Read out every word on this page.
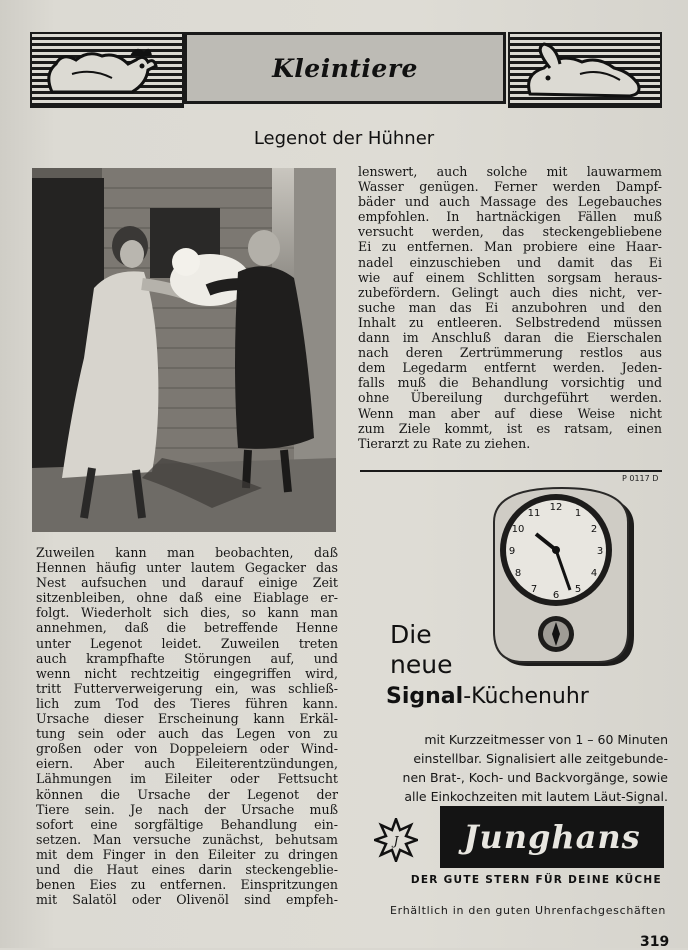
Kleintiere
Legenot der Hühner
Zuweilen kann man beobachten, daß
Hennen häufig unter lautem Gegacker das
Nest aufsuchen und darauf einige Zeit
sitzenbleiben, ohne daß eine Eiablage er-
folgt. Wiederholt sich dies, so kann man
annehmen, daß die betreffende Henne
unter Legenot leidet. Zuweilen treten
auch krampfhafte Störungen auf, und
wenn nicht rechtzeitig eingegriffen wird,
tritt Futterverweigerung ein, was schließ-
lich zum Tod des Tieres führen kann.
Ursache dieser Erscheinung kann Erkäl-
tung sein oder auch das Legen von zu
großen oder von Doppeleiern oder Wind-
eiern. Aber auch Eileiterentzündungen,
Lähmungen im Eileiter oder Fettsucht
können die Ursache der Legenot der
Tiere sein. Je nach der Ursache muß
sofort eine sorgfältige Behandlung ein-
setzen. Man versuche zunächst, behutsam
mit dem Finger in den Eileiter zu dringen
und die Haut eines darin steckengeblie-
benen Eies zu entfernen. Einspritzungen
mit Salatöl oder Olivenöl sind empfeh-
lenswert, auch solche mit lauwarmem
Wasser genügen. Ferner werden Dampf-
bäder und auch Massage des Legebauches
empfohlen. In hartnäckigen Fällen muß
versucht werden, das steckengebliebene
Ei zu entfernen. Man probiere eine Haar-
nadel einzuschieben und damit das Ei
wie auf einem Schlitten sorgsam heraus-
zubefördern. Gelingt auch dies nicht, ver-
suche man das Ei anzubohren und den
Inhalt zu entleeren. Selbstredend müssen
dann im Anschluß daran die Eierschalen
nach deren Zertrümmerung restlos aus
dem Legedarm entfernt werden. Jeden-
falls muß die Behandlung vorsichtig und
ohne Übereilung durchgeführt werden.
Wenn man aber auf diese Weise nicht
zum Ziele kommt, ist es ratsam, einen
Tierarzt zu Rate zu ziehen.
P 0117 D
12
1
2
3
4
5
6
7
8
9
10
11
Die
neue
Signal-Küchenuhr
mit Kurzzeitmesser von 1 – 60 Minuten
einstellbar. Signalisiert alle zeitgebunde-
nen Brat-, Koch- und Backvorgänge, sowie
alle Einkochzeiten mit lautem Läut-Signal.
J Junghans
DER GUTE STERN FÜR DEINE KÜCHE
Erhältlich in den guten Uhrenfachgeschäften
319
